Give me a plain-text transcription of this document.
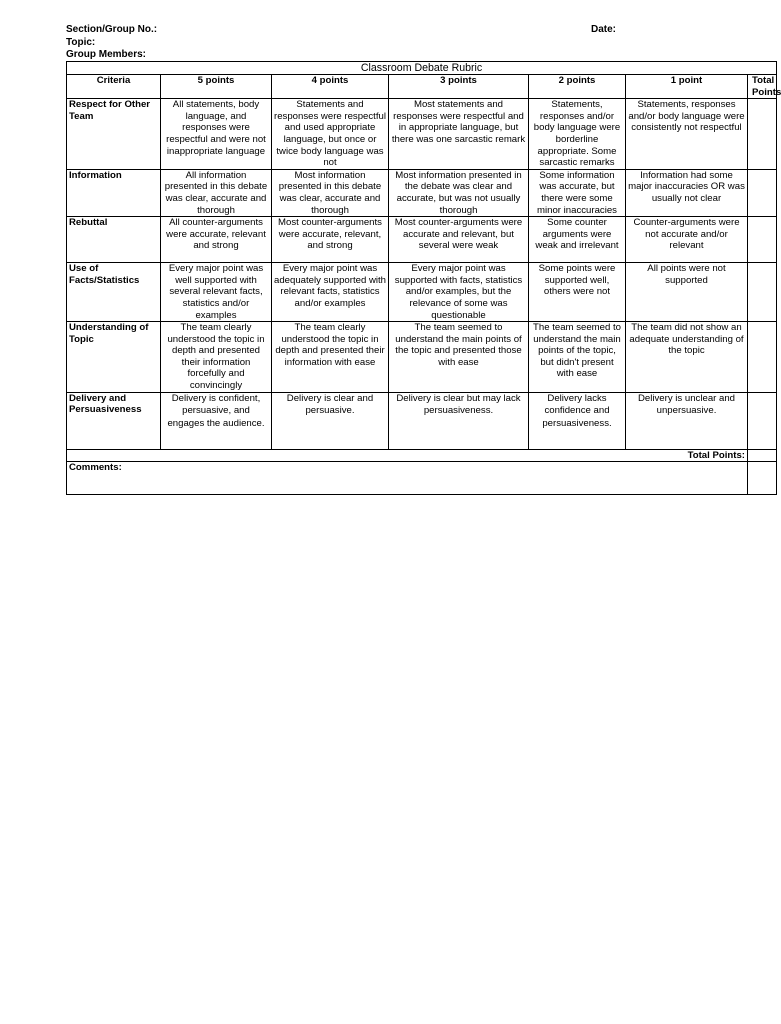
Section/Group No.:	Date:
Topic:
Group Members:
Classroom Debate Rubric						
Criteria	5 points	4 points	3 points	2 points	1 point	Total Points
Respect for Other Team	All statements, body language, and responses were respectful and were not inappropriate language	Statements and responses were respectful and used appropriate language, but once or twice body language was not	Most statements and responses were respectful and in appropriate language, but there was one sarcastic remark	Statements, responses and/or body language were borderline appropriate. Some sarcastic remarks	Statements, responses and/or body language were consistently not respectful	
Information	All information presented in this debate was clear, accurate and thorough	Most information presented in this debate was clear, accurate and thorough	Most information presented in the debate was clear and accurate, but was not usually thorough	Some information was accurate, but there were some minor inaccuracies	Information had some major inaccuracies OR was usually not clear	
Rebuttal	All counter-arguments were accurate, relevant and strong	Most counter-arguments were accurate, relevant, and strong	Most counter-arguments were accurate and relevant, but several were weak	Some counter arguments were weak and irrelevant	Counter-arguments were not accurate and/or relevant	
Use of Facts/Statistics	Every major point was well supported with several relevant facts, statistics and/or examples	Every major point was adequately supported with relevant facts, statistics and/or examples	Every major point was supported with facts, statistics and/or examples, but the relevance of some was questionable	Some points were supported well, others were not	All points were not supported	
Understanding of Topic	The team clearly understood the topic in depth and presented their information forcefully and convincingly	The team clearly understood the topic in depth and presented their information with ease	The team seemed to understand the main points of the topic and presented those with ease	The team seemed to understand the main points of the topic, but didn't present with ease	The team did not show an adequate understanding of the topic	
Delivery and Persuasiveness	Delivery is confident, persuasive, and engages the audience.	Delivery is clear and persuasive.	Delivery is clear but may lack persuasiveness.	Delivery lacks confidence and persuasiveness.	Delivery is unclear and unpersuasive.	
Total Points:						
Comments:						
